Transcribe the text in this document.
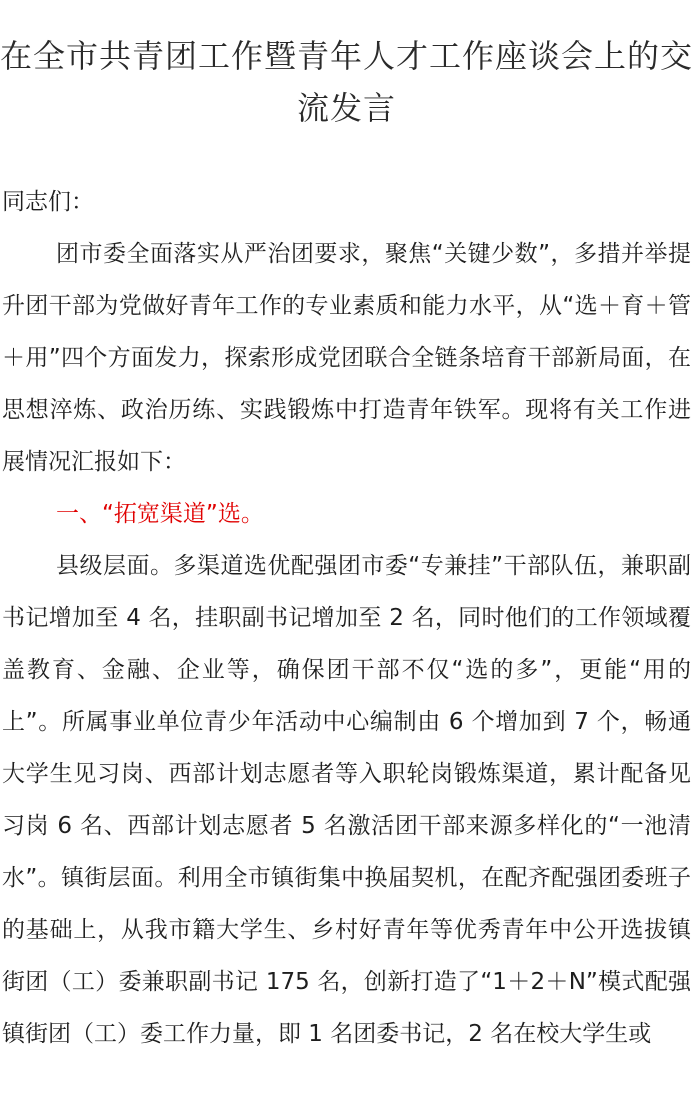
在全市共青团工作暨青年人才工作座谈会上的交流发言

同志们：

团市委全面落实从严治团要求，聚焦“关键少数”，多措并举提升团干部为党做好青年工作的专业素质和能力水平，从“选＋育＋管＋用”四个方面发力，探索形成党团联合全链条培育干部新局面，在思想淬炼、政治历练、实践锻炼中打造青年铁军。现将有关工作进展情况汇报如下：

一、“拓宽渠道”选。

县级层面。多渠道选优配强团市委“专兼挂”干部队伍，兼职副书记增加至 4 名，挂职副书记增加至 2 名，同时他们的工作领域覆盖教育、金融、企业等，确保团干部不仅“选的多”，更能“用的上”。所属事业单位青少年活动中心编制由 6 个增加到 7 个，畅通大学生见习岗、西部计划志愿者等入职轮岗锻炼渠道，累计配备见习岗 6 名、西部计划志愿者 5 名激活团干部来源多样化的“一池清水”。镇街层面。利用全市镇街集中换届契机，在配齐配强团委班子的基础上，从我市籍大学生、乡村好青年等优秀青年中公开选拔镇街团（工）委兼职副书记 175 名，创新打造了“1＋2＋N”模式配强镇街团（工）委工作力量，即 1 名团委书记，2 名在校大学生或
